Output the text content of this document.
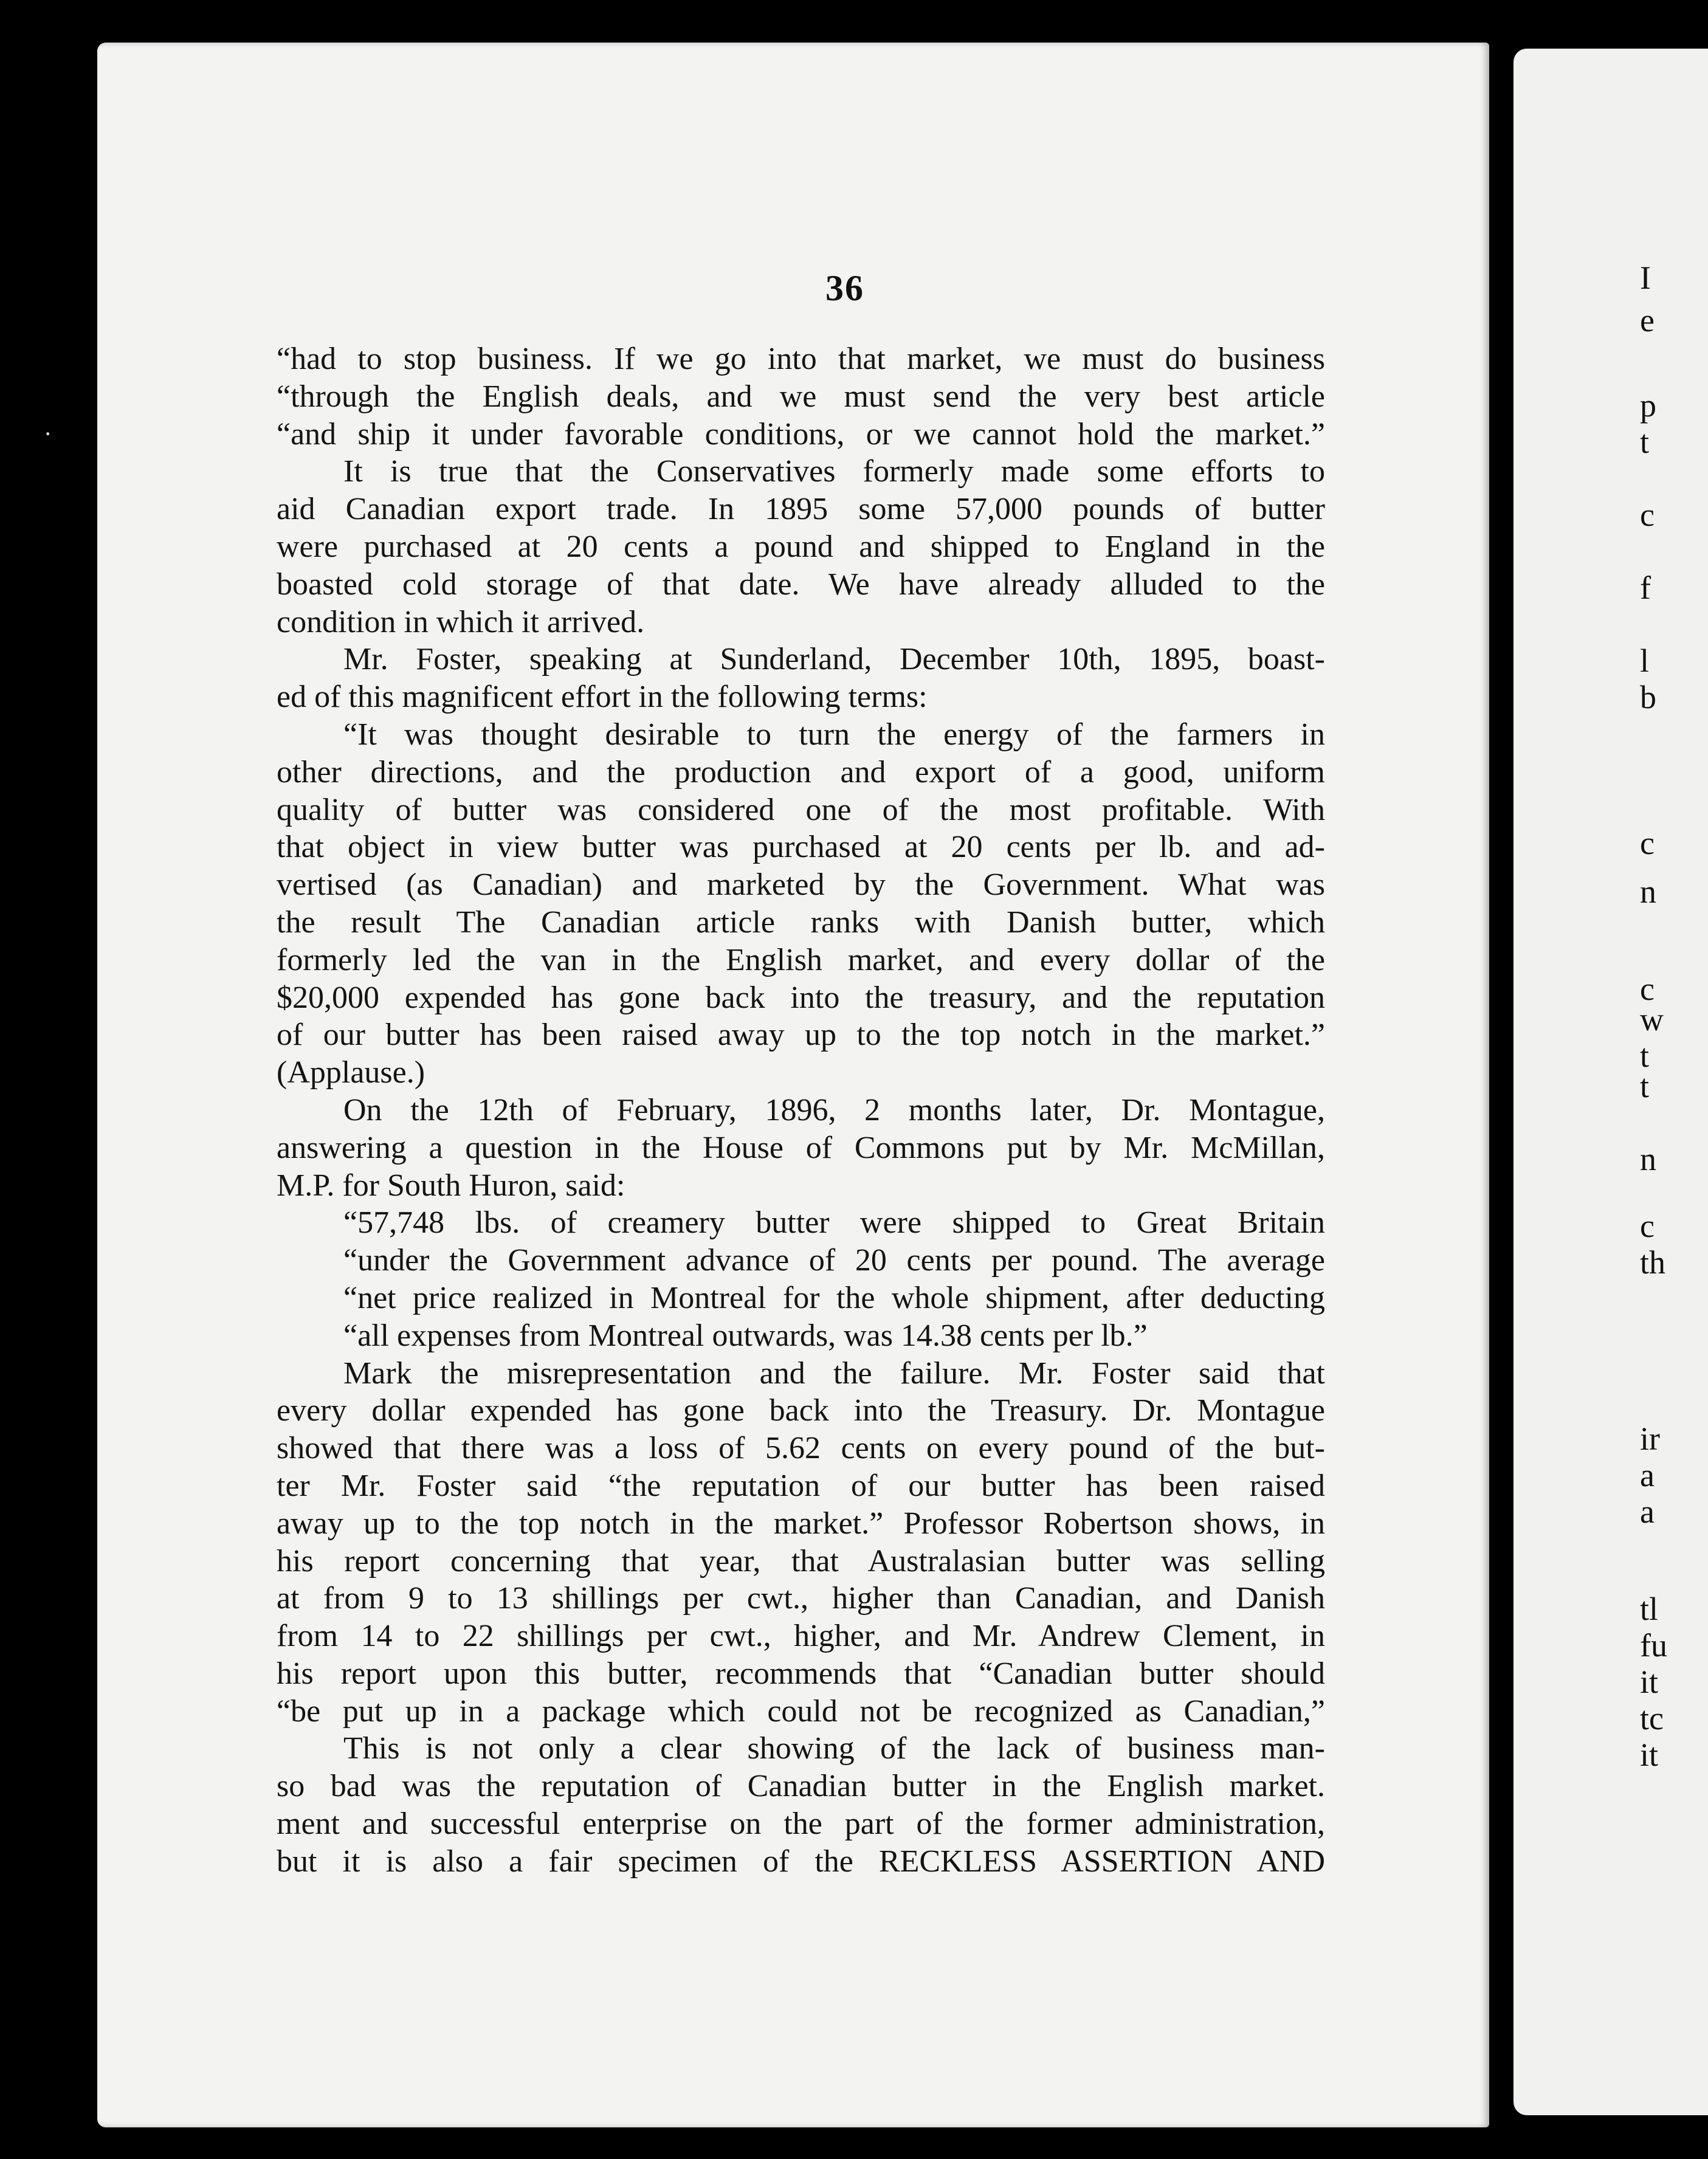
36
“had to stop business. If we go into that market, we must do business
“through the English deals, and we must send the very best article
“and ship it under favorable conditions, or we cannot hold the market.”
It is true that the Conservatives formerly made some efforts to
aid Canadian export trade. In 1895 some 57,000 pounds of butter
were purchased at 20 cents a pound and shipped to England in the
boasted cold storage of that date. We have already alluded to the
condition in which it arrived.
Mr. Foster, speaking at Sunderland, December 10th, 1895, boast-
ed of this magnificent effort in the following terms:
“It was thought desirable to turn the energy of the farmers in
other directions, and the production and export of a good, uniform
quality of butter was considered one of the most profitable. With
that object in view butter was purchased at 20 cents per lb. and ad-
vertised (as Canadian) and marketed by the Government. What was
the result The Canadian article ranks with Danish butter, which
formerly led the van in the English market, and every dollar of the
$20,000 expended has gone back into the treasury, and the reputation
of our butter has been raised away up to the top notch in the market.”
(Applause.)
On the 12th of February, 1896, 2 months later, Dr. Montague,
answering a question in the House of Commons put by Mr. McMillan,
M.P. for South Huron, said:
“57,748 lbs. of creamery butter were shipped to Great Britain
“under the Government advance of 20 cents per pound. The average
“net price realized in Montreal for the whole shipment, after deducting
“all expenses from Montreal outwards, was 14.38 cents per lb.”
Mark the misrepresentation and the failure. Mr. Foster said that
every dollar expended has gone back into the Treasury. Dr. Montague
showed that there was a loss of 5.62 cents on every pound of the but-
ter Mr. Foster said “the reputation of our butter has been raised
away up to the top notch in the market.” Professor Robertson shows, in
his report concerning that year, that Australasian butter was selling
at from 9 to 13 shillings per cwt., higher than Canadian, and Danish
from 14 to 22 shillings per cwt., higher, and Mr. Andrew Clement, in
his report upon this butter, recommends that “Canadian butter should
“be put up in a package which could not be recognized as Canadian,”
This is not only a clear showing of the lack of business man-
so bad was the reputation of Canadian butter in the English market.
ment and successful enterprise on the part of the former administration,
but it is also a fair specimen of the RECKLESS ASSERTION AND
I
e
p
t
c
f
l
b
c
n
c
w
t
t
n
c
th
ir
a
a
tl
fu
it
tc
it
·
